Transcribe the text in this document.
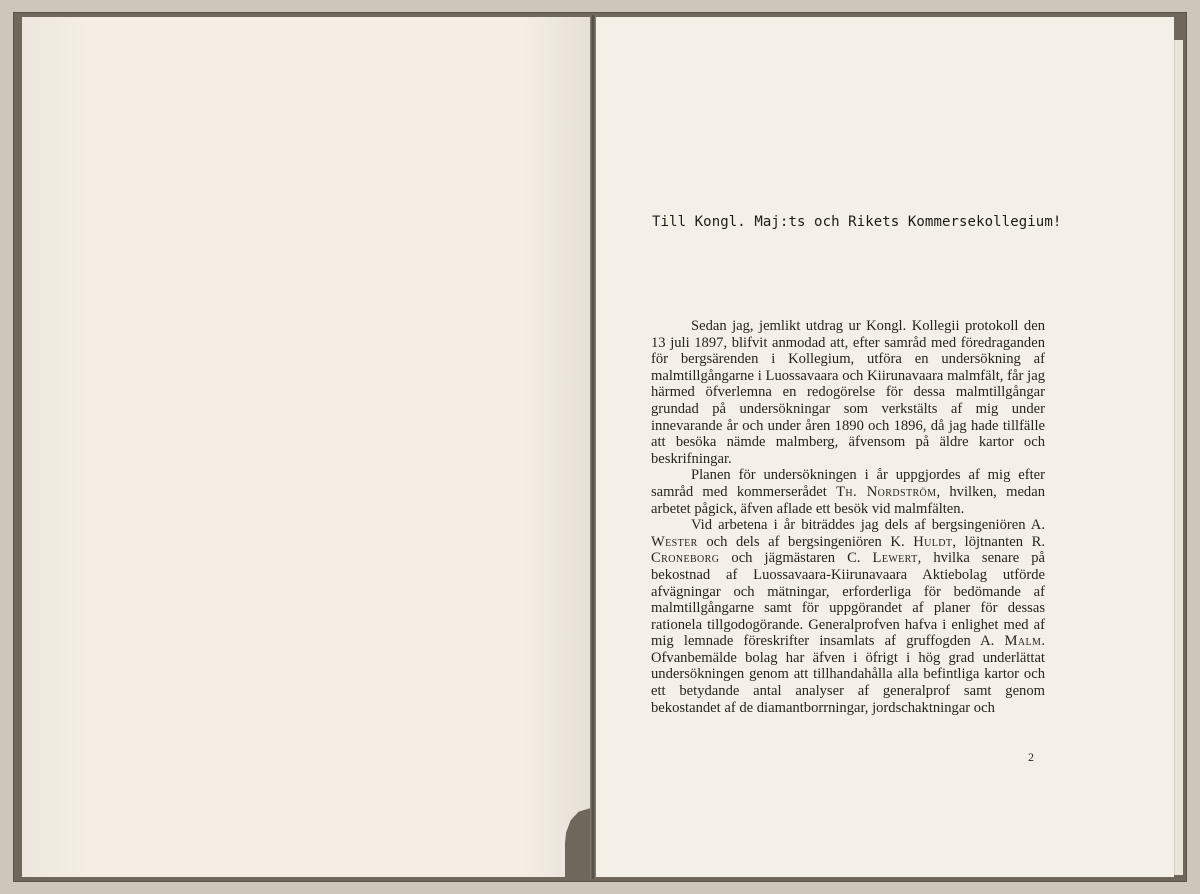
Till Kongl. Maj:ts och Rikets Kommersekollegium!

Sedan jag, jemlikt utdrag ur Kongl. Kollegii protokoll den 13 juli 1897, blifvit anmodad att, efter samråd med föredraganden för bergsärenden i Kollegium, utföra en undersökning af malmtillgångarne i Luossavaara och Kiirunavaara malmfält, får jag härmed öfverlemna en redogörelse för dessa malmtillgångar grundad på undersökningar som verkstälts af mig under innevarande år och under åren 1890 och 1896, då jag hade tillfälle att besöka nämde malmberg, äfvensom på äldre kartor och beskrifningar.

Planen för undersökningen i år uppgjordes af mig efter samråd med kommerserådet Th. Nordström, hvilken, medan arbetet pågick, äfven aflade ett besök vid malmfälten.

Vid arbetena i år biträddes jag dels af bergsingeniören A. Wester och dels af bergsingeniören K. Huldt, löjtnanten R. Croneborg och jägmästaren C. Lewert, hvilka senare på bekostnad af Luossavaara-Kiirunavaara Aktiebolag utförde afvägningar och mätningar, erforderliga för bedömande af malmtillgångarne samt för uppgörandet af planer för dessas rationela tillgodogörande. Generalprofven hafva i enlighet med af mig lemnade föreskrifter insamlats af gruffogden A. Malm. Ofvanbemälde bolag har äfven i öfrigt i hög grad underlättat undersökningen genom att tillhandahålla alla befintliga kartor och ett betydande antal analyser af generalprof samt genom bekostandet af de diamantborrningar, jordschaktningar och

2
